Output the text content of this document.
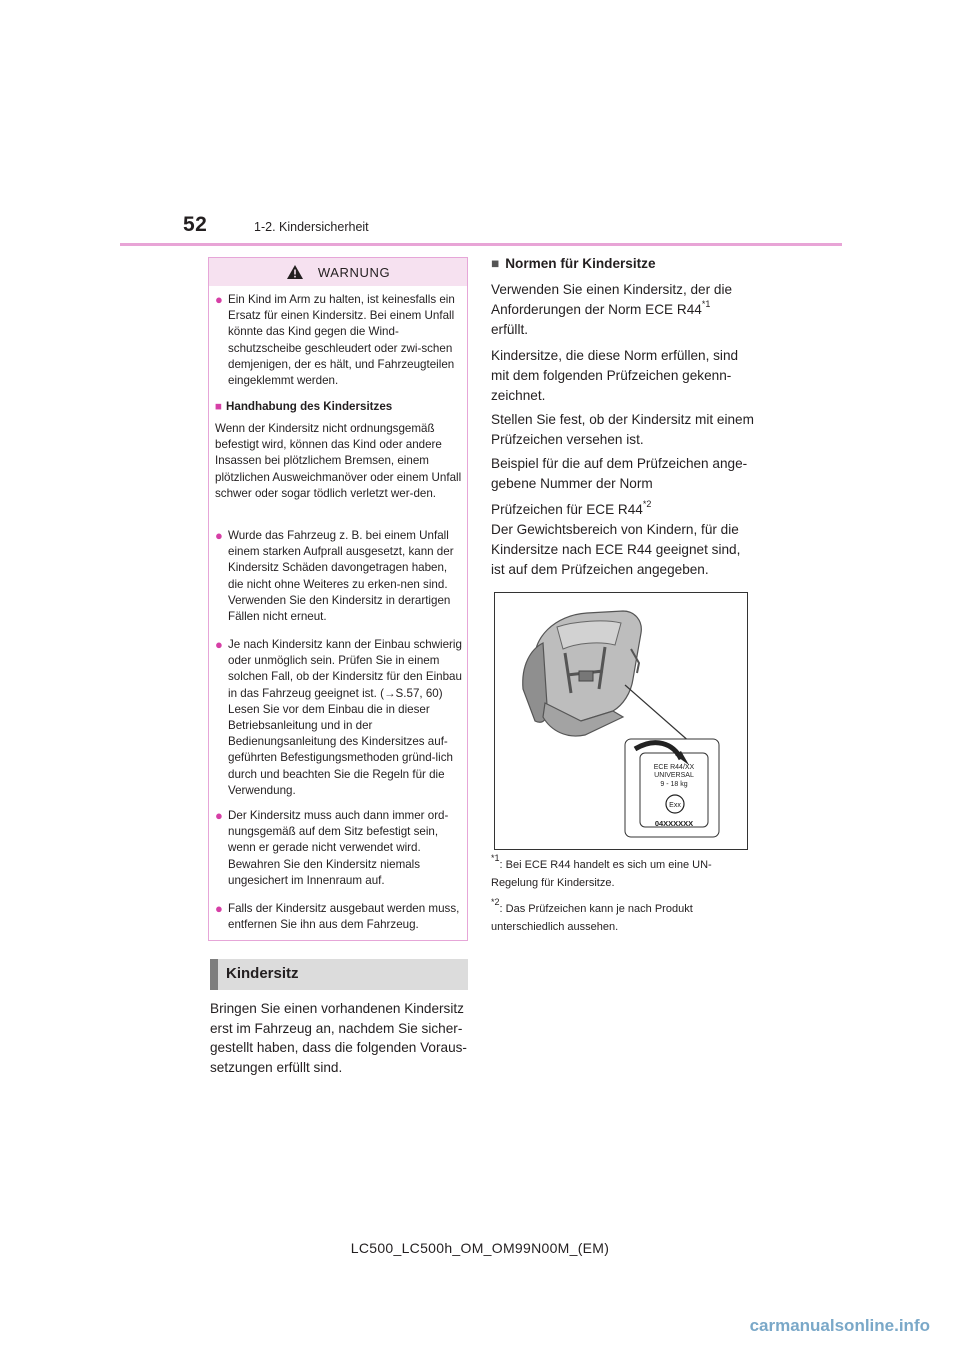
52	1-2. Kindersicherheit
WARNUNG
● Ein Kind im Arm zu halten, ist keinesfalls ein Ersatz für einen Kindersitz. Bei einem Unfall könnte das Kind gegen die Wind-schutzscheibe geschleudert oder zwi-schen demjenigen, der es hält, und Fahrzeugteilen eingeklemmt werden.
■ Handhabung des Kindersitzes
Wenn der Kindersitz nicht ordnungsgemäß befestigt wird, können das Kind oder andere Insassen bei plötzlichem Bremsen, einem plötzlichen Ausweichmanöver oder einem Unfall schwer oder sogar tödlich verletzt wer-den.
● Wurde das Fahrzeug z. B. bei einem Unfall einem starken Aufprall ausgesetzt, kann der Kindersitz Schäden davongetragen haben, die nicht ohne Weiteres zu erken-nen sind. Verwenden Sie den Kindersitz in derartigen Fällen nicht erneut.
● Je nach Kindersitz kann der Einbau schwierig oder unmöglich sein. Prüfen Sie in einem solchen Fall, ob der Kindersitz für den Einbau in das Fahrzeug geeignet ist. (→S.57, 60) Lesen Sie vor dem Einbau die in dieser Betriebsanleitung und in der Bedienungsanleitung des Kindersitzes auf-geführten Befestigungsmethoden gründ-lich durch und beachten Sie die Regeln für die Verwendung.
● Der Kindersitz muss auch dann immer ord-nungsgemäß auf dem Sitz befestigt sein, wenn er gerade nicht verwendet wird. Bewahren Sie den Kindersitz niemals ungesichert im Innenraum auf.
● Falls der Kindersitz ausgebaut werden muss, entfernen Sie ihn aus dem Fahrzeug.
Kindersitz
Bringen Sie einen vorhandenen Kindersitz erst im Fahrzeug an, nachdem Sie sicher-gestellt haben, dass die folgenden Voraus-setzungen erfüllt sind.
■ Normen für Kindersitze
Verwenden Sie einen Kindersitz, der die Anforderungen der Norm ECE R44$^{*1}$
erfüllt.
Kindersitze, die diese Norm erfüllen, sind mit dem folgenden Prüfzeichen gekenn-zeichnet.
Stellen Sie fest, ob der Kindersitz mit einem Prüfzeichen versehen ist.
Beispiel für die auf dem Prüfzeichen ange-gebene Nummer der Norm
Prüfzeichen für ECE R44$^{*2}$
Der Gewichtsbereich von Kindern, für die Kindersitze nach ECE R44 geeignet sind, ist auf dem Prüfzeichen angegeben.
ECE R44/XX
UNIVERSAL
9 - 18 kg
Exx
04XXXXXX
$^{*1}$: Bei ECE R44 handelt es sich um eine UN-Regelung für Kindersitze.
$^{*2}$: Das Prüfzeichen kann je nach Produkt unterschiedlich aussehen.
LC500_LC500h_OM_OM99N00M_(EM)
carmanualsonline.info
